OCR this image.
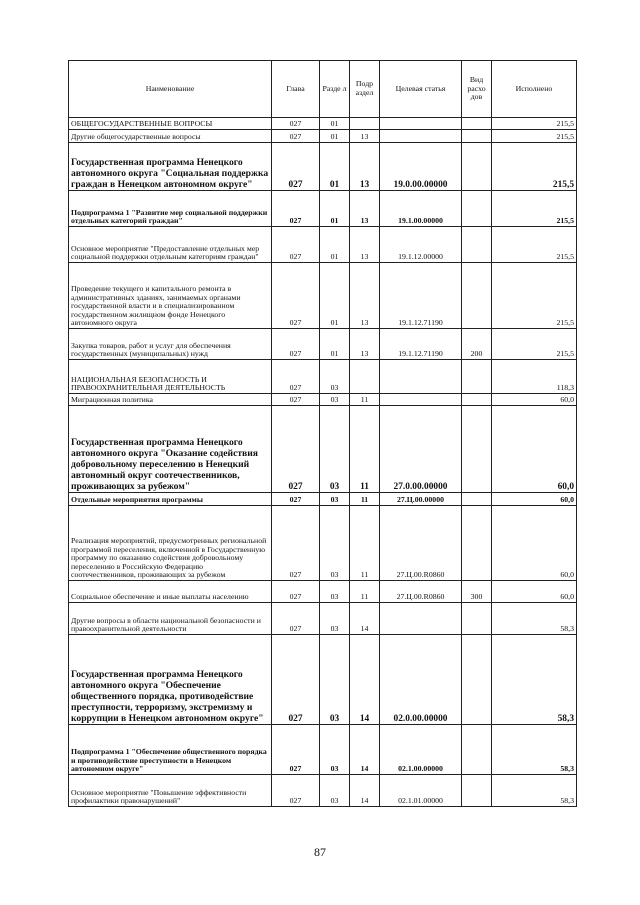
Наименование	Глава	Разде л	Подр аздел	Целевая статья	Вид расхо дов	Исполнено
ОБЩЕГОСУДАРСТВЕННЫЕ ВОПРОСЫ	027	01				215,5
Другие общегосударственные вопросы	027	01	13			215,5
Государственная программа Ненецкого автономного округа "Социальная поддержка граждан в Ненецком автономном округе"	027	01	13	19.0.00.00000		215,5
Подпрограмма 1 "Развитие мер социальной поддержки отдельных категорий граждан"	027	01	13	19.1.00.00000		215,5
Основное мероприятие "Предоставление отдельных мер социальной поддержки отдельным категориям граждан"	027	01	13	19.1.12.00000		215,5
Проведение текущего и капитального ремонта в административных зданиях, занимаемых органами государственной власти и в специализированном государственном жилищном фонде Ненецкого автономного округа	027	01	13	19.1.12.71190		215,5
Закупка товаров, работ и услуг для обеспечения государственных (муниципальных) нужд	027	01	13	19.1.12.71190	200	215,5
НАЦИОНАЛЬНАЯ БЕЗОПАСНОСТЬ И ПРАВООХРАНИТЕЛЬНАЯ ДЕЯТЕЛЬНОСТЬ	027	03				118,3
Миграционная политика	027	03	11			60,0
Государственная программа Ненецкого автономного округа "Оказание содействия добровольному переселению в Ненецкий автономный округ соотечественников, проживающих за рубежом"	027	03	11	27.0.00.00000		60,0
Отдельные мероприятия программы	027	03	11	27.Ц.00.00000		60,0
Реализация мероприятий, предусмотренных региональной программой переселения, включенной в Государственную программу по оказанию содействия добровольному переселению в Российскую Федерацию соотечественников, проживающих за рубежом	027	03	11	27.Ц.00.R0860		60,0
Социальное обеспечение и иные выплаты населению	027	03	11	27.Ц.00.R0860	300	60,0
Другие вопросы в области национальной безопасности и правоохранительной деятельности	027	03	14			58,3
Государственная программа Ненецкого автономного округа "Обеспечение общественного порядка, противодействие преступности, терроризму, экстремизму и коррупции в Ненецком автономном округе"	027	03	14	02.0.00.00000		58,3
Подпрограмма 1 "Обеспечение общественного порядка и противодействие преступности в Ненецком автономном округе"	027	03	14	02.1.00.00000		58,3
Основное мероприятие "Повышение эффективности профилактики правонарушений"	027	03	14	02.1.01.00000		58,3
87
